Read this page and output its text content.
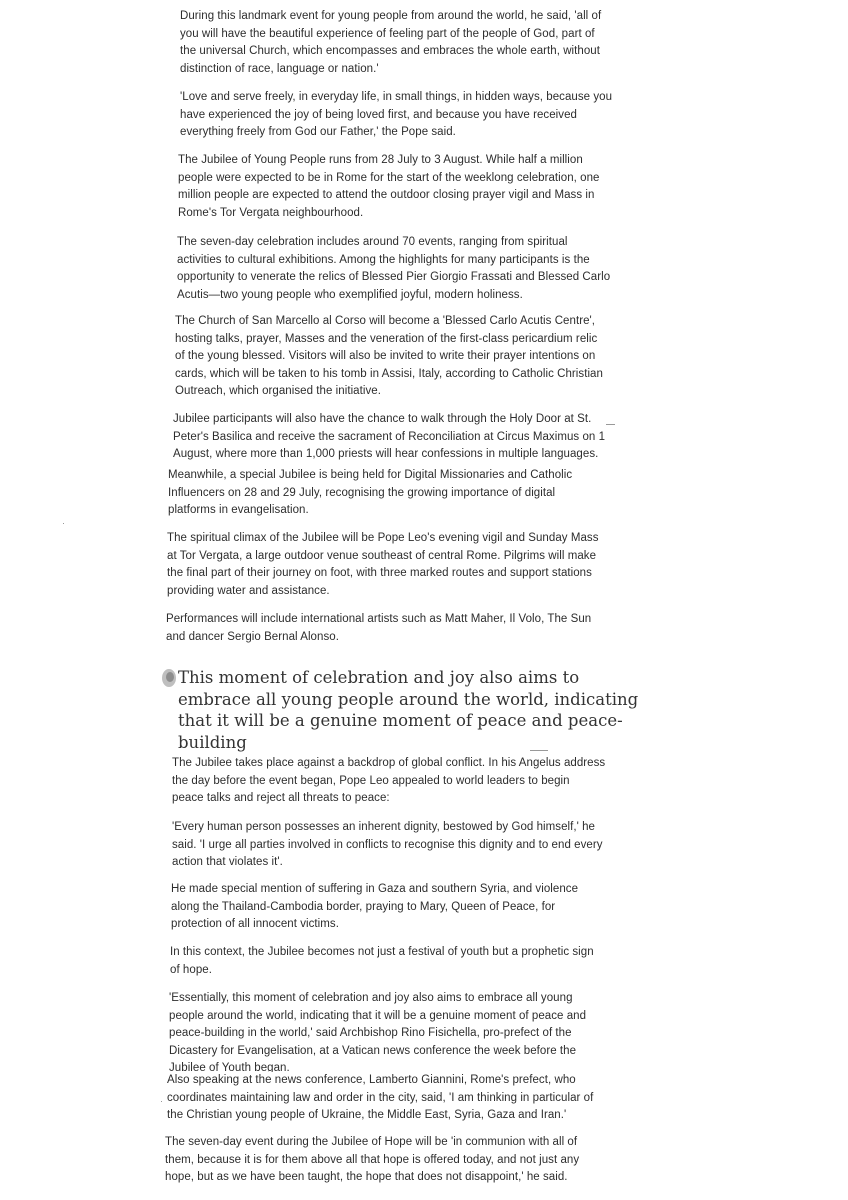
During this landmark event for young people from around the world, he said, 'all of
you will have the beautiful experience of feeling part of the people of God, part of
the universal Church, which encompasses and embraces the whole earth, without
distinction of race, language or nation.'
'Love and serve freely, in everyday life, in small things, in hidden ways, because you
have experienced the joy of being loved first, and because you have received
everything freely from God our Father,' the Pope said.
The Jubilee of Young People runs from 28 July to 3 August. While half a million
people were expected to be in Rome for the start of the weeklong celebration, one
million people are expected to attend the outdoor closing prayer vigil and Mass in
Rome's Tor Vergata neighbourhood.
The seven-day celebration includes around 70 events, ranging from spiritual
activities to cultural exhibitions. Among the highlights for many participants is the
opportunity to venerate the relics of Blessed Pier Giorgio Frassati and Blessed Carlo
Acutis—two young people who exemplified joyful, modern holiness.
The Church of San Marcello al Corso will become a 'Blessed Carlo Acutis Centre',
hosting talks, prayer, Masses and the veneration of the first-class pericardium relic
of the young blessed. Visitors will also be invited to write their prayer intentions on
cards, which will be taken to his tomb in Assisi, Italy, according to Catholic Christian
Outreach, which organised the initiative.
Jubilee participants will also have the chance to walk through the Holy Door at St.
Peter's Basilica and receive the sacrament of Reconciliation at Circus Maximus on 1
August, where more than 1,000 priests will hear confessions in multiple languages.
Meanwhile, a special Jubilee is being held for Digital Missionaries and Catholic
Influencers on 28 and 29 July, recognising the growing importance of digital
platforms in evangelisation.
The spiritual climax of the Jubilee will be Pope Leo's evening vigil and Sunday Mass
at Tor Vergata, a large outdoor venue southeast of central Rome. Pilgrims will make
the final part of their journey on foot, with three marked routes and support stations
providing water and assistance.
Performances will include international artists such as Matt Maher, Il Volo, The Sun
and dancer Sergio Bernal Alonso.
This moment of celebration and joy also aims to
embrace all young people around the world, indicating
that it will be a genuine moment of peace and peace-
building
The Jubilee takes place against a backdrop of global conflict. In his Angelus address
the day before the event began, Pope Leo appealed to world leaders to begin
peace talks and reject all threats to peace:
'Every human person possesses an inherent dignity, bestowed by God himself,' he
said. 'I urge all parties involved in conflicts to recognise this dignity and to end every
action that violates it'.
He made special mention of suffering in Gaza and southern Syria, and violence
along the Thailand-Cambodia border, praying to Mary, Queen of Peace, for
protection of all innocent victims.
In this context, the Jubilee becomes not just a festival of youth but a prophetic sign
of hope.
'Essentially, this moment of celebration and joy also aims to embrace all young
people around the world, indicating that it will be a genuine moment of peace and
peace-building in the world,' said Archbishop Rino Fisichella, pro-prefect of the
Dicastery for Evangelisation, at a Vatican news conference the week before the
Jubilee of Youth began.
Also speaking at the news conference, Lamberto Giannini, Rome's prefect, who
coordinates maintaining law and order in the city, said, 'I am thinking in particular of
the Christian young people of Ukraine, the Middle East, Syria, Gaza and Iran.'
The seven-day event during the Jubilee of Hope will be 'in communion with all of
them, because it is for them above all that hope is offered today, and not just any
hope, but as we have been taught, the hope that does not disappoint,' he said.
·
·
